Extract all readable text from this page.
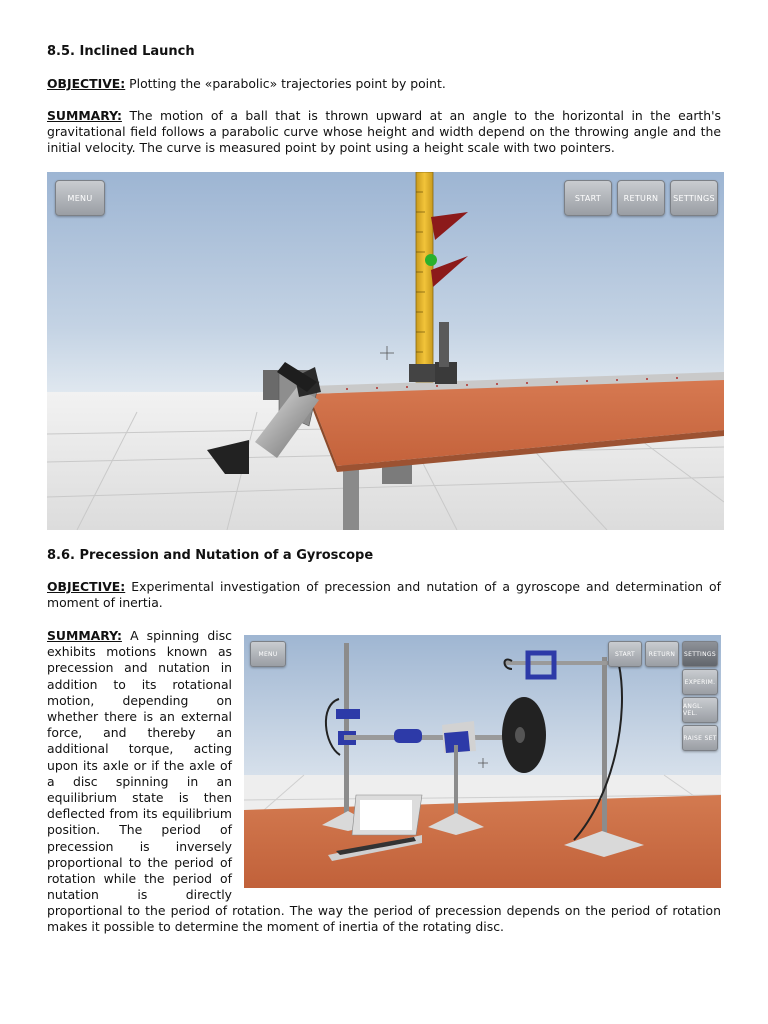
8.5. Inclined Launch

OBJECTIVE: Plotting the «parabolic» trajectories point by point.

SUMMARY: The motion of a ball that is thrown upward at an angle to the horizontal in the earth's gravitational field follows a parabolic curve whose height and width depend on the throwing angle and the initial velocity. The curve is measured point by point using a height scale with two pointers.

MENU	START	RETURN	SETTINGS
8.6. Precession and Nutation of a Gyroscope

OBJECTIVE: Experimental investigation of precession and nutation of a gyroscope and determination of moment of inertia.

SUMMARY: A spinning disc
exhibits motions known as
precession and nutation in
addition to its rotational
motion, depending on
whether there is an external
force, and thereby an
additional torque, acting
upon its axle or if the axle of
a disc spinning in an
equilibrium state is then
deflected from its equilibrium
position. The period of
precession is inversely
proportional to the period of
rotation while the period of
nutation is directly

proportional to the period of rotation. The way the period of precession depends on the period of rotation makes it possible to determine the moment of inertia of the rotating disc.

MENU	START	RETURN	SETTINGS
EXPERIM.
ANGL. VEL.
RAISE SET
